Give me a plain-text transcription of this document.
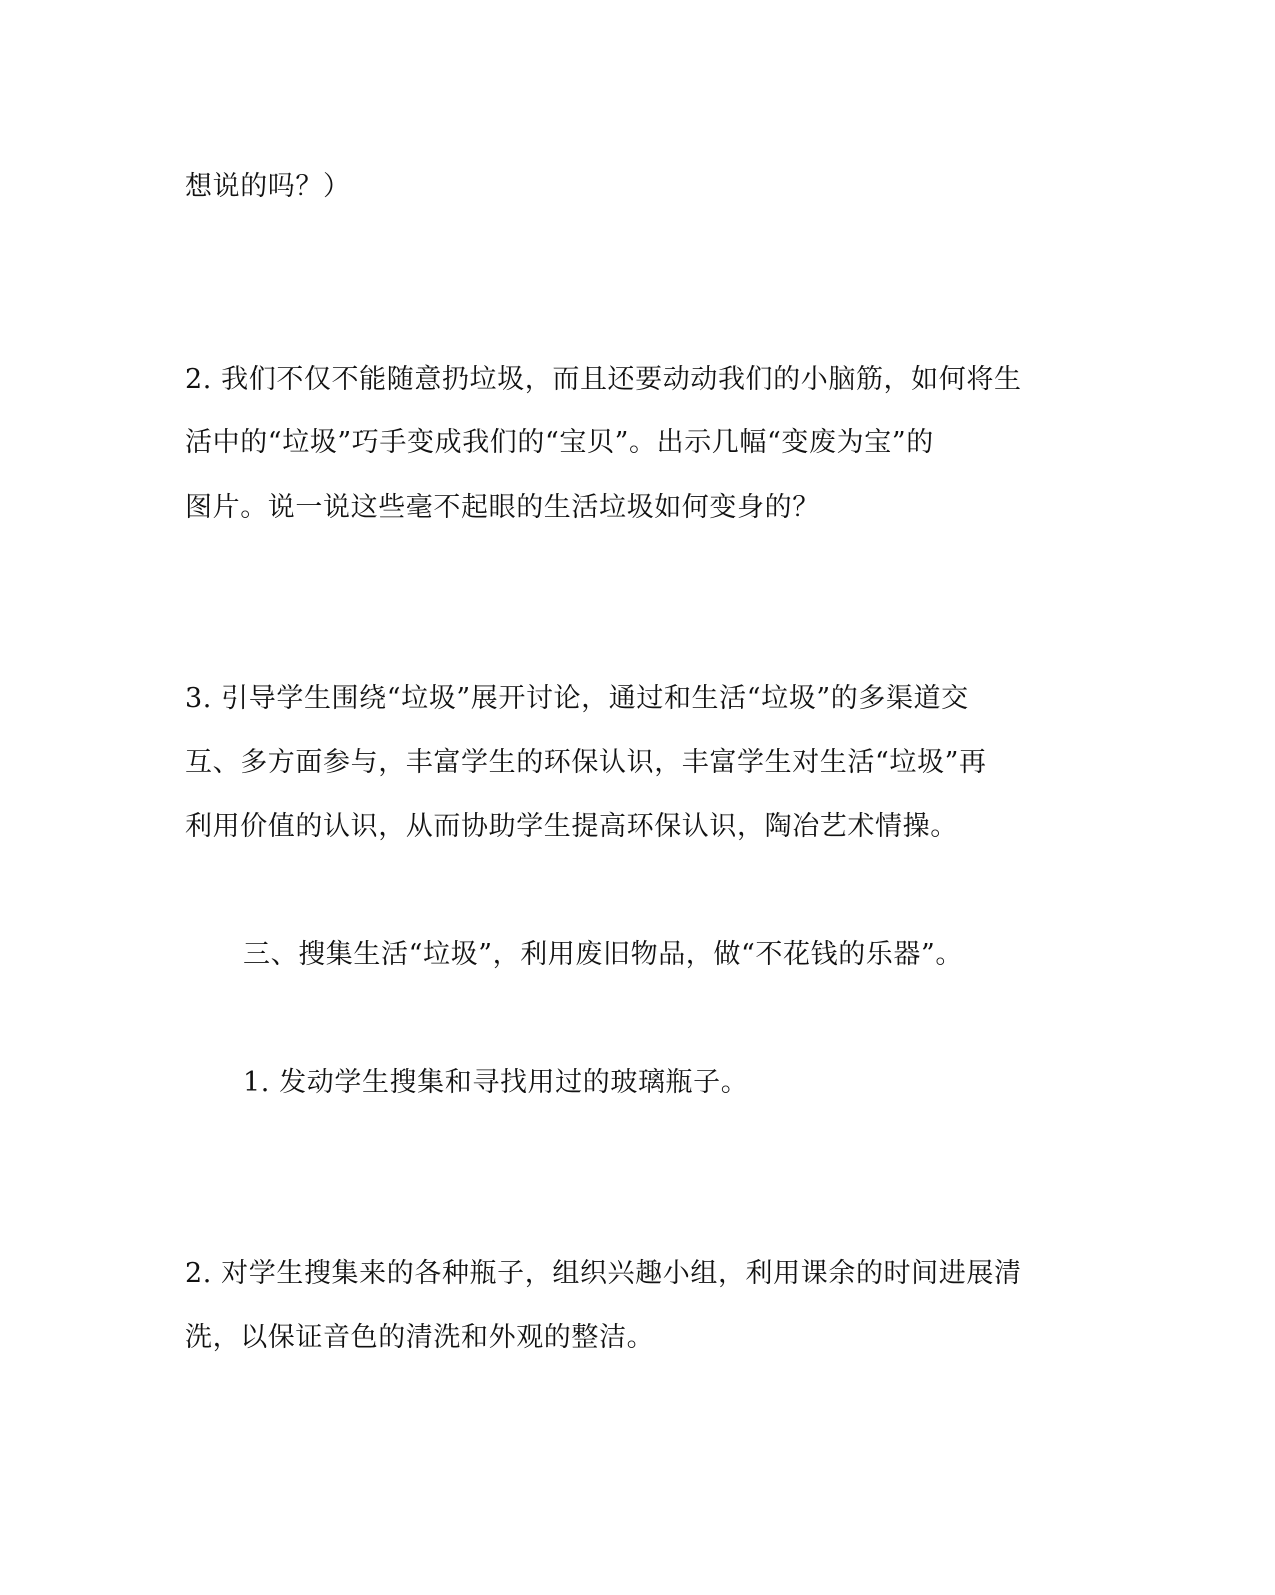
想说的吗？）
2. 我们不仅不能随意扔垃圾，而且还要动动我们的小脑筋，如何将生
活中的“垃圾”巧手变成我们的“宝贝”。出示几幅“变废为宝”的
图片。说一说这些毫不起眼的生活垃圾如何变身的？
3. 引导学生围绕“垃圾”展开讨论，通过和生活“垃圾”的多渠道交
互、多方面参与，丰富学生的环保认识，丰富学生对生活“垃圾”再
利用价值的认识，从而协助学生提高环保认识，陶冶艺术情操。
三、搜集生活“垃圾”，利用废旧物品，做“不花钱的乐器”。
1. 发动学生搜集和寻找用过的玻璃瓶子。
2. 对学生搜集来的各种瓶子，组织兴趣小组，利用课余的时间进展清
洗，以保证音色的清洗和外观的整洁。
